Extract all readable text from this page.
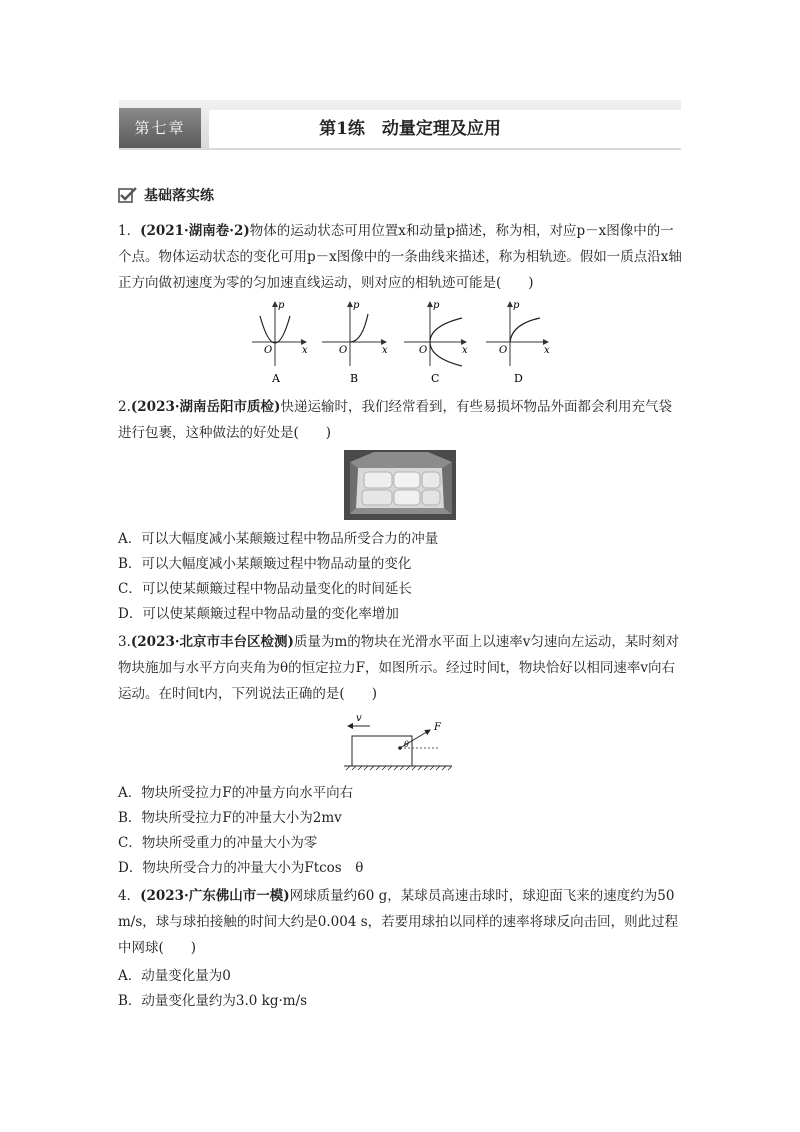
第七章	第1练　动量定理及应用
基础落实练

1．(2021·湖南卷·2)物体的运动状态可用位置x和动量p描述，称为相，对应p－x图像中的一个点。物体运动状态的变化可用p－x图像中的一条曲线来描述，称为相轨迹。假如一质点沿x轴正方向做初速度为零的匀加速直线运动，则对应的相轨迹可能是(　　)

p
x
O
A
p
x
O
B
p
x
O
C
p
x
O
D

2.(2023·湖南岳阳市质检)快递运输时，我们经常看到，有些易损坏物品外面都会利用充气袋进行包裹，这种做法的好处是(　　)

A．可以大幅度减小某颠簸过程中物品所受合力的冲量
B．可以大幅度减小某颠簸过程中物品动量的变化
C．可以使某颠簸过程中物品动量变化的时间延长
D．可以使某颠簸过程中物品动量的变化率增加

3.(2023·北京市丰台区检测)质量为m的物块在光滑水平面上以速率v匀速向左运动，某时刻对物块施加与水平方向夹角为θ的恒定拉力F，如图所示。经过时间t，物块恰好以相同速率v向右运动。在时间t内，下列说法正确的是(　　)

v
F
θ
A．物块所受拉力F的冲量方向水平向右
B．物块所受拉力F的冲量大小为2mv
C．物块所受重力的冲量大小为零
D．物块所受合力的冲量大小为Ftcos　θ

4．(2023·广东佛山市一模)网球质量约60 g，某球员高速击球时，球迎面飞来的速度约为50 m/s，球与球拍接触的时间大约是0.004 s，若要用球拍以同样的速率将球反向击回，则此过程中网球(　　)

A．动量变化量为0
B．动量变化量约为3.0 kg·m/s
